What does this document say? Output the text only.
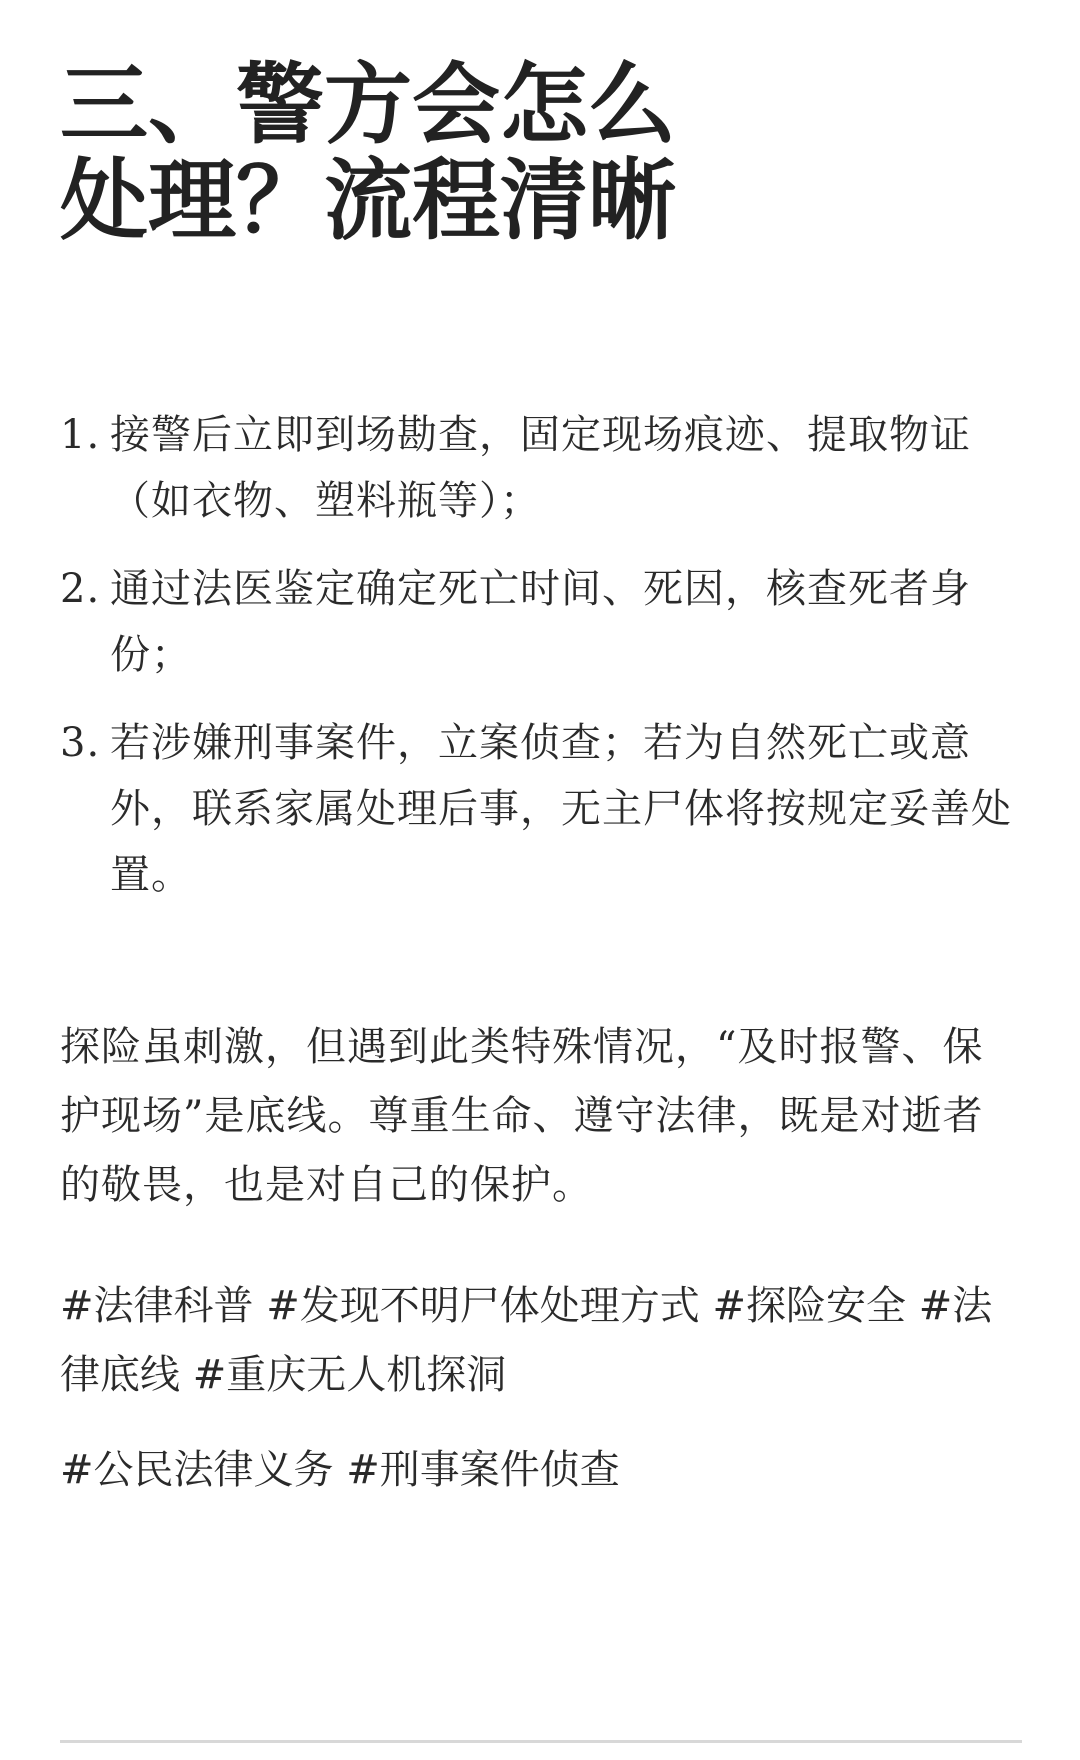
三、警方会怎么
处理？流程清晰
1. 接警后立即到场勘查，固定现场痕迹、提取物证（如衣物、塑料瓶等）；
2. 通过法医鉴定确定死亡时间、死因，核查死者身份；
3. 若涉嫌刑事案件，立案侦查；若为自然死亡或意外，联系家属处理后事，无主尸体将按规定妥善处置。

探险虽刺激，但遇到此类特殊情况，“及时报警、保护现场”是底线。尊重生命、遵守法律，既是对逝者的敬畏，也是对自己的保护。

#法律科普 #发现不明尸体处理方式 #探险安全 #法律底线 #重庆无人机探洞

#公民法律义务 #刑事案件侦查
